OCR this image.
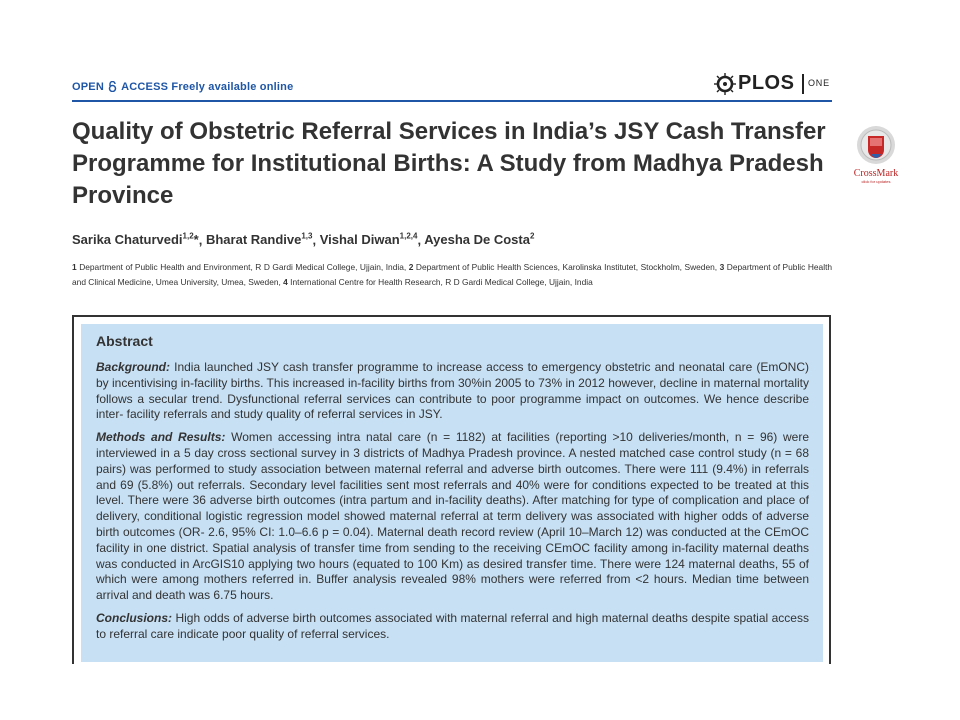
OPEN ACCESS Freely available online	PLOS ONE
CrossMark
click for updates
Quality of Obstetric Referral Services in India’s JSY Cash Transfer Programme for Institutional Births: A Study from Madhya Pradesh Province
Sarika Chaturvedi$^{1,2}$*, Bharat Randive$^{1,3}$, Vishal Diwan$^{1,2,4}$, Ayesha De Costa$^2$
1 Department of Public Health and Environment, R D Gardi Medical College, Ujjain, India, 2 Department of Public Health Sciences, Karolinska Institutet, Stockholm, Sweden, 3 Department of Public Health and Clinical Medicine, Umea University, Umea, Sweden, 4 International Centre for Health Research, R D Gardi Medical College, Ujjain, India
Abstract

Background: India launched JSY cash transfer programme to increase access to emergency obstetric and neonatal care (EmONC) by incentivising in-facility births. This increased in-facility births from 30%in 2005 to 73% in 2012 however, decline in maternal mortality follows a secular trend. Dysfunctional referral services can contribute to poor programme impact on outcomes. We hence describe inter- facility referrals and study quality of referral services in JSY.

Methods and Results: Women accessing intra natal care (n = 1182) at facilities (reporting >10 deliveries/month, n = 96) were interviewed in a 5 day cross sectional survey in 3 districts of Madhya Pradesh province. A nested matched case control study (n = 68 pairs) was performed to study association between maternal referral and adverse birth outcomes. There were 111 (9.4%) in referrals and 69 (5.8%) out referrals. Secondary level facilities sent most referrals and 40% were for conditions expected to be treated at this level. There were 36 adverse birth outcomes (intra partum and in-facility deaths). After matching for type of complication and place of delivery, conditional logistic regression model showed maternal referral at term delivery was associated with higher odds of adverse birth outcomes (OR- 2.6, 95% CI: 1.0–6.6 p = 0.04). Maternal death record review (April 10–March 12) was conducted at the CEmOC facility in one district. Spatial analysis of transfer time from sending to the receiving CEmOC facility among in-facility maternal deaths was conducted in ArcGIS10 applying two hours (equated to 100 Km) as desired transfer time. There were 124 maternal deaths, 55 of which were among mothers referred in. Buffer analysis revealed 98% mothers were referred from <2 hours. Median time between arrival and death was 6.75 hours.

Conclusions: High odds of adverse birth outcomes associated with maternal referral and high maternal deaths despite spatial access to referral care indicate poor quality of referral services.
